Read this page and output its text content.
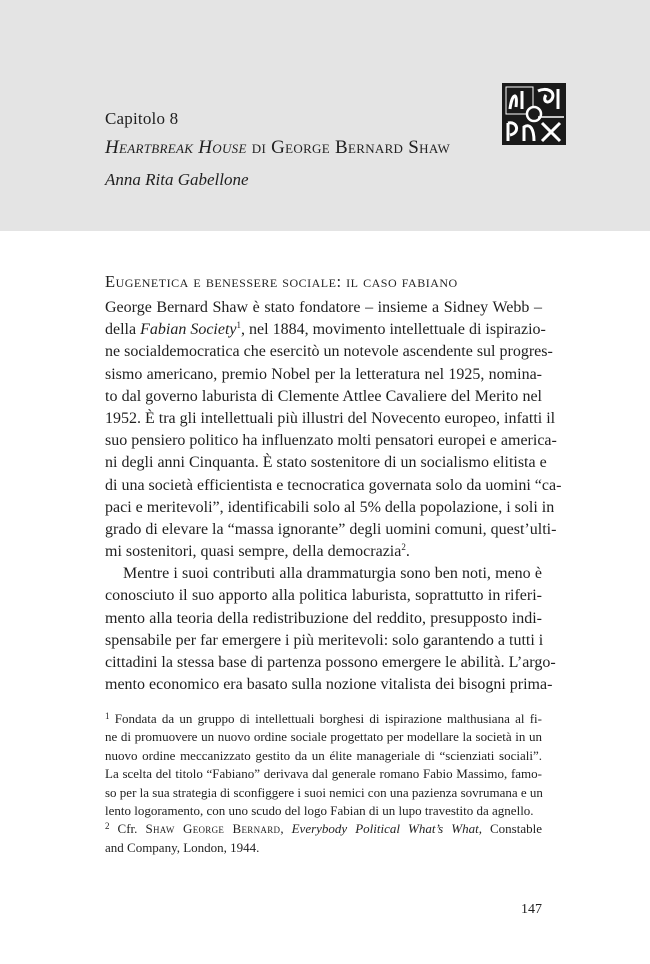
Capitolo 8
Heartbreak House di George Bernard Shaw
Anna Rita Gabellone
Eugenetica e benessere sociale: il caso fabiano
George Bernard Shaw è stato fondatore – insieme a Sidney Webb –
della Fabian Society$^1$, nel 1884, movimento intellettuale di ispirazio-
ne socialdemocratica che esercitò un notevole ascendente sul progres-
sismo americano, premio Nobel per la letteratura nel 1925, nomina-
to dal governo laburista di Clemente Attlee Cavaliere del Merito nel
1952. È tra gli intellettuali più illustri del Novecento europeo, infatti il
suo pensiero politico ha influenzato molti pensatori europei e america-
ni degli anni Cinquanta. È stato sostenitore di un socialismo elitista e
di una società efficientista e tecnocratica governata solo da uomini “ca-
paci e meritevoli”, identificabili solo al 5% della popolazione, i soli in
grado di elevare la “massa ignorante” degli uomini comuni, quest’ulti-
mi sostenitori, quasi sempre, della democrazia$^2$.
Mentre i suoi contributi alla drammaturgia sono ben noti, meno è
conosciuto il suo apporto alla politica laburista, soprattutto in riferi-
mento alla teoria della redistribuzione del reddito, presupposto indi-
spensabile per far emergere i più meritevoli: solo garantendo a tutti i
cittadini la stessa base di partenza possono emergere le abilità. L’argo-
mento economico era basato sulla nozione vitalista dei bisogni prima-
$^1$ Fondata da un gruppo di intellettuali borghesi di ispirazione malthusiana al fi-
ne di promuovere un nuovo ordine sociale progettato per modellare la società in un
nuovo ordine meccanizzato gestito da un élite manageriale di “scienziati sociali”.
La scelta del titolo “Fabiano” derivava dal generale romano Fabio Massimo, famo-
so per la sua strategia di sconfiggere i suoi nemici con una pazienza sovrumana e un
lento logoramento, con uno scudo del logo Fabian di un lupo travestito da agnello.
$^2$ Cfr. Shaw George Bernard, Everybody Political What’s What, Constable
and Company, London, 1944.
147
